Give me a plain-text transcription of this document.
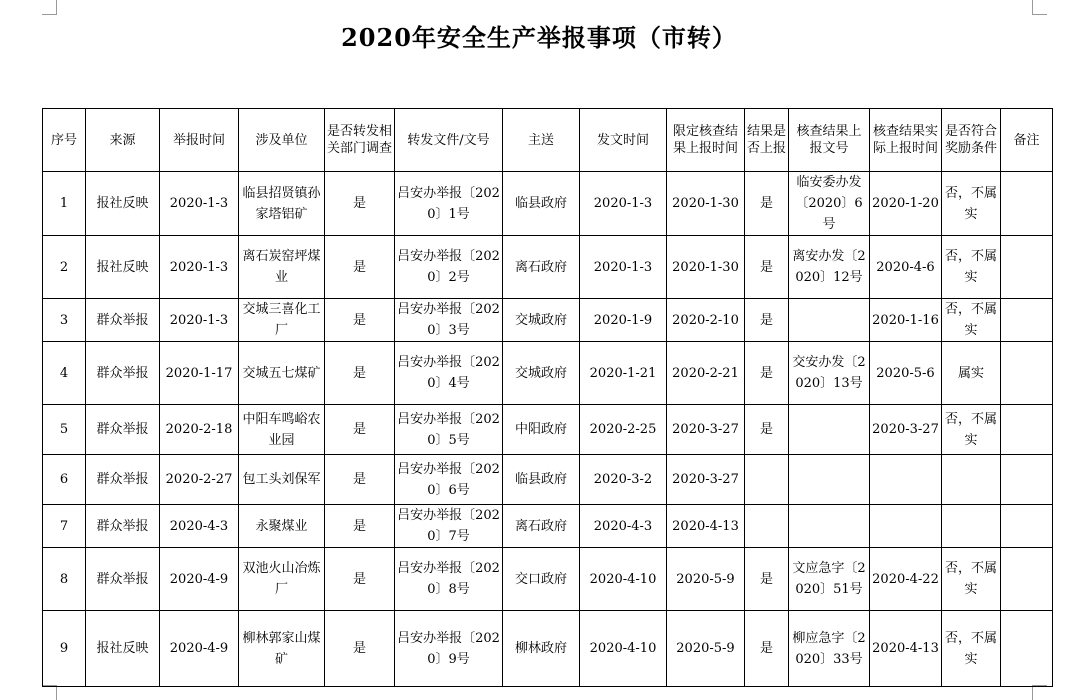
2020年安全生产举报事项（市转）
序号	来源	举报时间	涉及单位	是否转发相关部门调查	转发文件/文号	主送	发文时间	限定核查结果上报时间	结果是否上报	核查结果上报文号	核查结果实际上报时间	是否符合奖励条件	备注
1	报社反映	2020-1-3	临县招贤镇孙家塔铝矿	是	吕安办举报〔2020〕1号	临县政府	2020-1-3	2020-1-30	是	临安委办发〔2020〕6号	2020-1-20	否，不属实	
2	报社反映	2020-1-3	离石炭窑坪煤业	是	吕安办举报〔2020〕2号	离石政府	2020-1-3	2020-1-30	是	离安办发〔2020〕12号	2020-4-6	否，不属实	
3	群众举报	2020-1-3	交城三喜化工厂	是	吕安办举报〔2020〕3号	交城政府	2020-1-9	2020-2-10	是		2020-1-16	否，不属实	
4	群众举报	2020-1-17	交城五七煤矿	是	吕安办举报〔2020〕4号	交城政府	2020-1-21	2020-2-21	是	交安办发〔2020〕13号	2020-5-6	属实	
5	群众举报	2020-2-18	中阳车鸣峪农业园	是	吕安办举报〔2020〕5号	中阳政府	2020-2-25	2020-3-27	是		2020-3-27	否，不属实	
6	群众举报	2020-2-27	包工头刘保军	是	吕安办举报〔2020〕6号	临县政府	2020-3-2	2020-3-27					
7	群众举报	2020-4-3	永聚煤业	是	吕安办举报〔2020〕7号	离石政府	2020-4-3	2020-4-13					
8	群众举报	2020-4-9	双池火山冶炼厂	是	吕安办举报〔2020〕8号	交口政府	2020-4-10	2020-5-9	是	文应急字〔2020〕51号	2020-4-22	否，不属实	
9	报社反映	2020-4-9	柳林郭家山煤矿	是	吕安办举报〔2020〕9号	柳林政府	2020-4-10	2020-5-9	是	柳应急字〔2020〕33号	2020-4-13	否，不属实	
